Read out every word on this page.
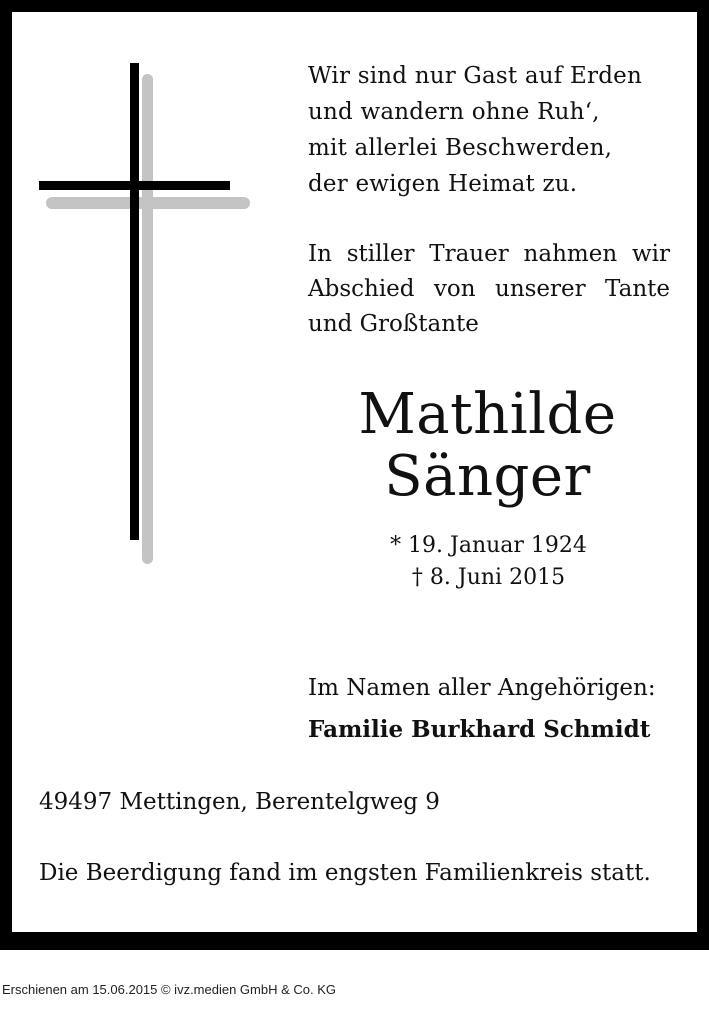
Wir sind nur Gast auf Erden
und wandern ohne Ruh‘,
mit allerlei Beschwerden,
der ewigen Heimat zu.
In stiller Trauer nahmen wir
Abschied von unserer Tante
und Großtante
Mathilde
Sänger
* 19. Januar 1924
† 8. Juni 2015
Im Namen aller Angehörigen:
Familie Burkhard Schmidt
49497 Mettingen, Berentelgweg 9
Die Beerdigung fand im engsten Familienkreis statt.
Erschienen am 15.06.2015 © ivz.medien GmbH & Co. KG
